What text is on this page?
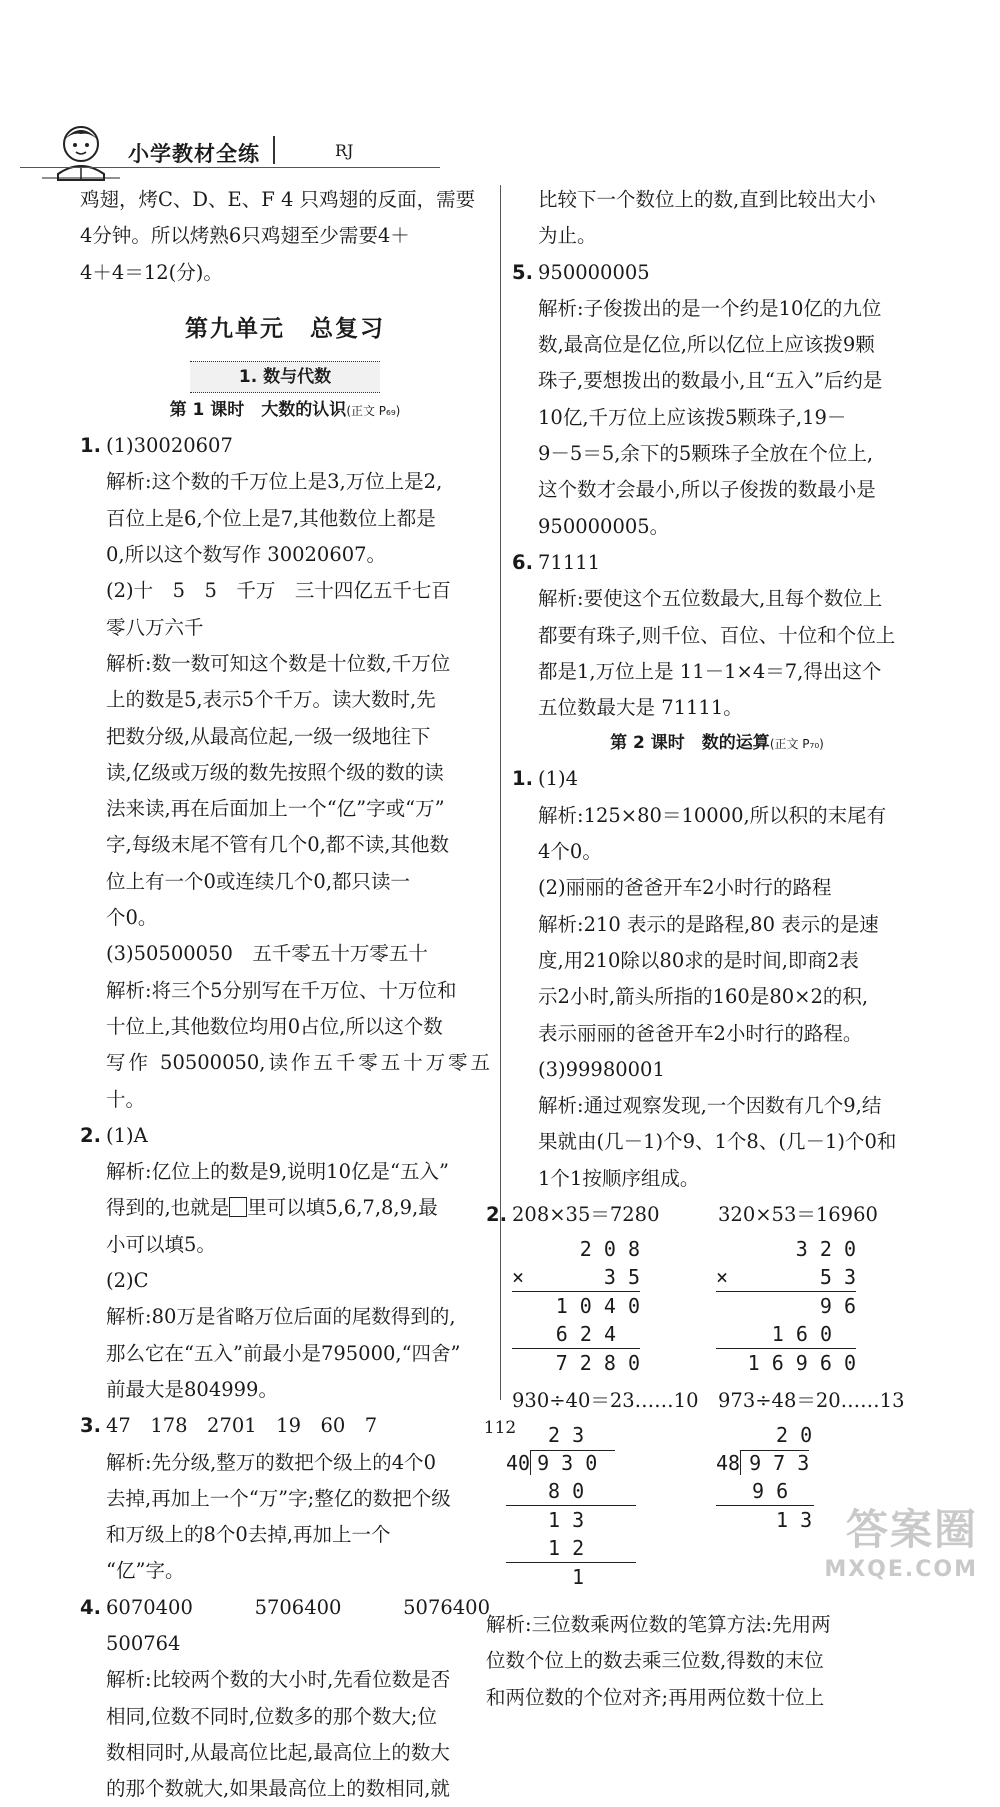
小学教材全练	RJ

鸡翅，烤C、D、E、F 4 只鸡翅的反面，需要

4分钟。所以烤熟6只鸡翅至少需要4＋

4＋4＝12(分)。

第九单元　总复习
1. 数与代数
第 1 课时　大数的认识(正文 P₆₉)

1. (1)30020607

解析:这个数的千万位上是3,万位上是2,

百位上是6,个位上是7,其他数位上都是

0,所以这个数写作 30020607。

(2)十　5　5　千万　三十四亿五千七百

零八万六千

解析:数一数可知这个数是十位数,千万位

上的数是5,表示5个千万。读大数时,先

把数分级,从最高位起,一级一级地往下

读,亿级或万级的数先按照个级的数的读

法来读,再在后面加上一个“亿”字或“万”

字,每级末尾不管有几个0,都不读,其他数

位上有一个0或连续几个0,都只读一

个0。

(3)50500050　五千零五十万零五十

解析:将三个5分别写在千万位、十万位和

十位上,其他数位均用0占位,所以这个数

写作 50500050,读作五千零五十万零五十。

2. (1)A

解析:亿位上的数是9,说明10亿是“五入”

得到的,也就是 里可以填5,6,7,8,9,最

小可以填5。

(2)C

解析:80万是省略万位后面的尾数得到的,

那么它在“五入”前最小是795000,“四舍”

前最大是804999。

3. 47　178　2701　19　60　7

解析:先分级,整万的数把个级上的4个0

去掉,再加上一个“万”字;整亿的数把个级

和万级上的8个0去掉,再加上一个

“亿”字。

4. 6070400　5706400　5076400　500764

解析:比较两个数的大小时,先看位数是否

相同,位数不同时,位数多的那个数大;位

数相同时,从最高位比起,最高位上的数大

的那个数就大,如果最高位上的数相同,就

比较下一个数位上的数,直到比较出大小

为止。

5. 950000005

解析:子俊拨出的是一个约是10亿的九位

数,最高位是亿位,所以亿位上应该拨9颗

珠子,要想拨出的数最小,且“五入”后约是

10亿,千万位上应该拨5颗珠子,19－

9－5＝5,余下的5颗珠子全放在个位上,

这个数才会最小,所以子俊拨的数最小是

950000005。

6. 71111

解析:要使这个五位数最大,且每个数位上

都要有珠子,则千位、百位、十位和个位上

都是1,万位上是 11－1×4＝7,得出这个

五位数最大是 71111。

第 2 课时　数的运算(正文 P₇₀)

1. (1)4

解析:125×80＝10000,所以积的末尾有

4个0。

(2)丽丽的爸爸开车2小时行的路程

解析:210 表示的是路程,80 表示的是速

度,用210除以80求的是时间,即商2表

示2小时,箭头所指的160是80×2的积,

表示丽丽的爸爸开车2小时行的路程。

(3)99980001

解析:通过观察发现,一个因数有几个9,结

果就由(几－1)个9、1个8、(几－1)个0和

1个1按顺序组成。

2. 208×35＝7280	320×53＝16960

2 0 8
×	3 5
1 0 4 0
6 2 4
7 2 8 0
3 2 0
×	5 3
9 6
1 6 0
1 6 9 6 0

930÷40＝23……10 973÷48＝20……13

2 3
40 9 3 0
8 0
1 3
1 2
1
2 0
48 9 7 3
9 6
1 3

解析:三位数乘两位数的笔算方法:先用两

位数个位上的数去乘三位数,得数的末位

和两位数的个位对齐;再用两位数十位上

112
答案圈
MXQE.COM
